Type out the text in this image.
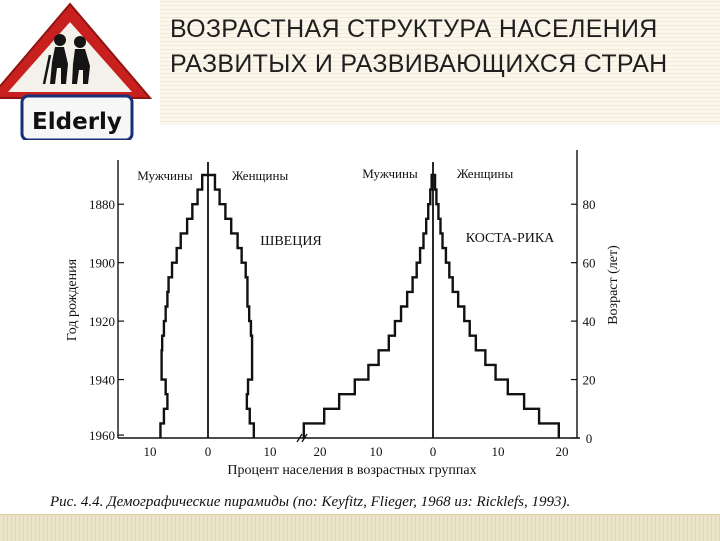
Elderly
ВОЗРАСТНАЯ СТРУКТУРА НАСЕЛЕНИЯ РАЗВИТЫХ И РАЗВИВАЮЩИХСЯ СТРАН
1880
1900
1920
1940
1960
80
60
40
20
0
Год рождения	Возраст (лет)
Мужчины	Женщины	Мужчины	Женщины
ШВЕЦИЯ	КОСТА-РИКА
10	0	10	20	10	0	10	20
Процент населения в возрастных группах
Рис. 4.4. Демографические пирамиды (по: Keyfitz, Flieger, 1968 из: Ricklefs, 1993).
